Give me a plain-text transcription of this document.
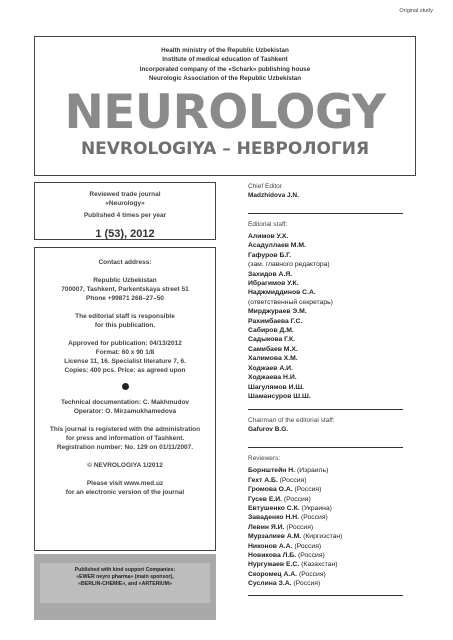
Original study
Health ministry of the Republic Uzbekistan
Institute of medical education of Tashkent
Incorporated company of the «Schark» publishing house
Neurologic Association of the Republic Uzbekistan
NEUROLOGY
NEVROLOGIYA – НЕВРОЛОГИЯ
Reviewed trade journal
«Neurology»
Published 4 times per year
1 (53), 2012
Contact address:
Republic Uzbekistan
700007, Tashkent, Parkentskaya street 51
Phone +99871 268–27–50
The editorial staff is responsible
for this publication.
Approved for publication: 04/13/2012
Format: 60 x 90 1/8
License 11, 16. Specialist literature 7, 6.
Copies: 400 pcs. Price: as agreed upon
Technical documentation: C. Makhmudov
Operator: O. Mirzamukhamedova
This journal is registered with the administration
for press and information of Tashkent.
Registration number: No. 129 on 01/11/2007.
© NEVROLOGIYA 1/2012
Please visit www.med.uz
for an electronic version of the journal
Published with kind support Companies:
«EWER neyro pharma» (main sponsor),
«BERLIN-CHEMIE», and «ARTERIUM»
Chief Editor
Madzhidova J.N.
Editorial staff:
Алимов У.Х.
Асадуллаев М.М.
Гафуров Б.Г.
(зам. главного редактора)
Захидов А.Я.
Ибрагимов У.К.
Наджмиддинов С.А.
(ответственный секретарь)
Мирджураев Э.М.
Рахимбаева Г.С.
Сабиров Д.М.
Садыкова Г.К.
Самибаев М.Х.
Халимова Х.М.
Ходжаев А.И.
Ходжаева Н.И.
Шагулямов И.Ш.
Шамансуров Ш.Ш.
Chairman of the editorial staff:
Gafurov B.G.
Reviewers:
Борнштейн Н. (Израиль)
Гехт А.Б. (Россия)
Громова О.А. (Россия)
Гусев Е.И. (Россия)
Евтушенко С.К. (Украина)
Заваденко Н.Н. (Россия)
Левин Я.И. (Россия)
Мурзалиев А.М. (Киргизстан)
Никонов А.А. (Россия)
Новикова Л.Б. (Россия)
Нургужаев Е.С. (Казахстан)
Скоромец А.А. (Россия)
Суслина З.А. (Россия)
